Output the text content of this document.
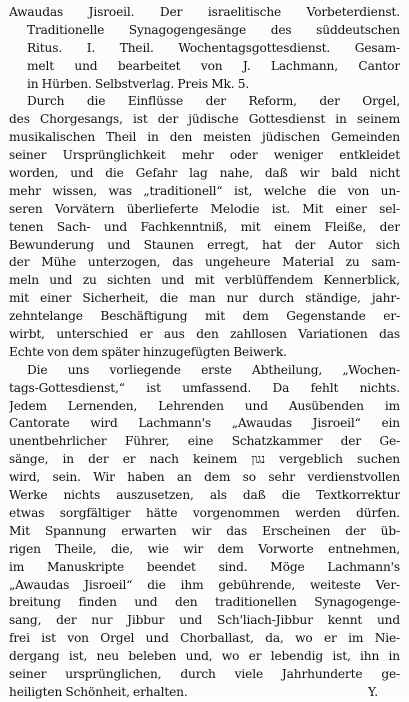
Awaudas Jisroeil. Der israelitische Vorbeterdienst.
Traditionelle Synagogengesänge des süddeutschen
Ritus. I. Theil. Wochentagsgottesdienst. Gesam-
melt und bearbeitet von J. Lachmann, Cantor
in Hürben. Selbstverlag. Preis Mk. 5.
Durch die Einflüsse der Reform, der Orgel,
des Chorgesangs, ist der jüdische Gottesdienst in seinem
musikalischen Theil in den meisten jüdischen Gemeinden
seiner Ursprünglichkeit mehr oder weniger entkleidet
worden, und die Gefahr lag nahe, daß wir bald nicht
mehr wissen, was „traditionell“ ist, welche die von un-
seren Vorvätern überlieferte Melodie ist. Mit einer sel-
tenen Sach- und Fachkenntniß, mit einem Fleiße, der
Bewunderung und Staunen erregt, hat der Autor sich
der Mühe unterzogen, das ungeheure Material zu sam-
meln und zu sichten und mit verblüffendem Kennerblick,
mit einer Sicherheit, die man nur durch ständige, jahr-
zehntelange Beschäftigung mit dem Gegenstande er-
wirbt, unterschied er aus den zahllosen Variationen das
Echte von dem später hinzugefügten Beiwerk.
Die uns vorliegende erste Abtheilung, „Wochen-
tags-Gottesdienst,“ ist umfassend. Da fehlt nichts.
Jedem Lernenden, Lehrenden und Ausübenden im
Cantorate wird Lachmann's „Awaudas Jisroeil“ ein
unentbehrlicher Führer, eine Schatzkammer der Ge-
sänge, in der er nach keinem נגון vergeblich suchen
wird, sein. Wir haben an dem so sehr verdienstvollen
Werke nichts auszusetzen, als daß die Textkorrektur
etwas sorgfältiger hätte vorgenommen werden dürfen.
Mit Spannung erwarten wir das Erscheinen der üb-
rigen Theile, die, wie wir dem Vorworte entnehmen,
im Manuskripte beendet sind. Möge Lachmann's
„Awaudas Jisroeil“ die ihm gebührende, weiteste Ver-
breitung finden und den traditionellen Synagogenge-
sang, der nur Jibbur und Sch'liach-Jibbur kennt und
frei ist von Orgel und Chorballast, da, wo er im Nie-
dergang ist, neu beleben und, wo er lebendig ist, ihn in
seiner ursprünglichen, durch viele Jahrhunderte ge-
heiligten Schönheit, erhalten.	Y.
